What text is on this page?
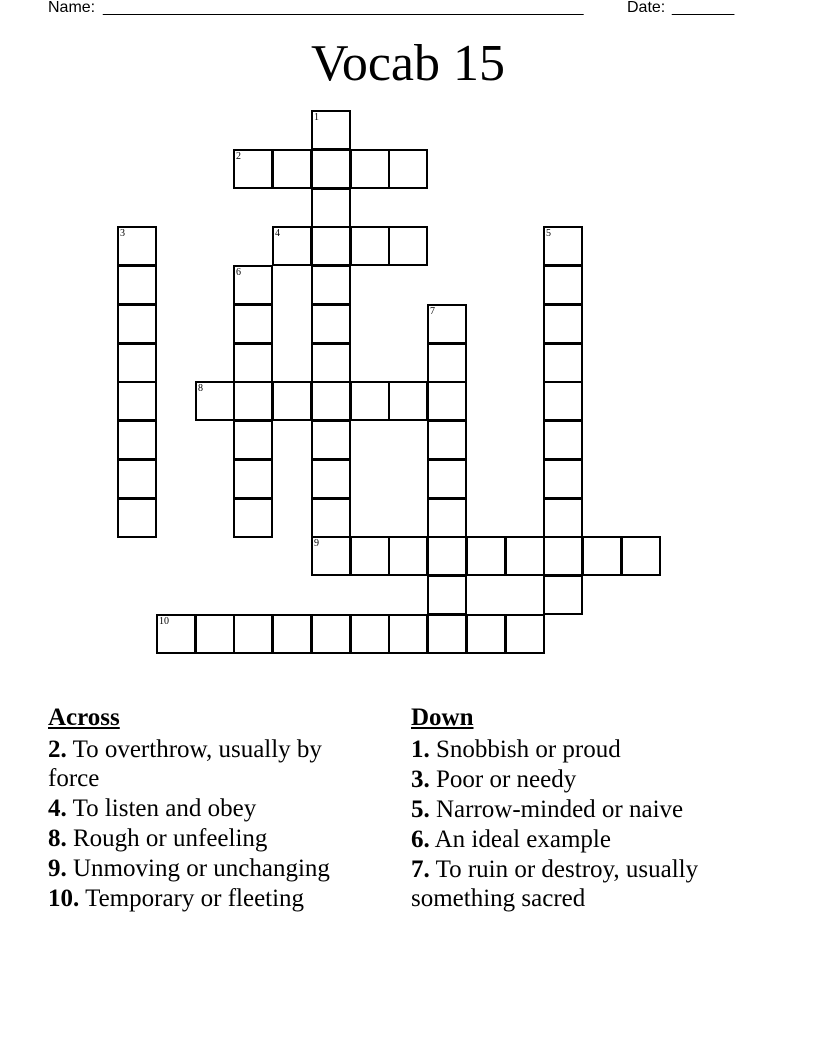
Name: ______________________________________________________	Date: _______
Vocab 15
1
2
3	4	5
6
7
8
9
10
Across
2. To overthrow, usually by force
4. To listen and obey
8. Rough or unfeeling
9. Unmoving or unchanging
10. Temporary or fleeting
Down
1. Snobbish or proud
3. Poor or needy
5. Narrow-minded or naive
6. An ideal example
7. To ruin or destroy, usually something sacred
